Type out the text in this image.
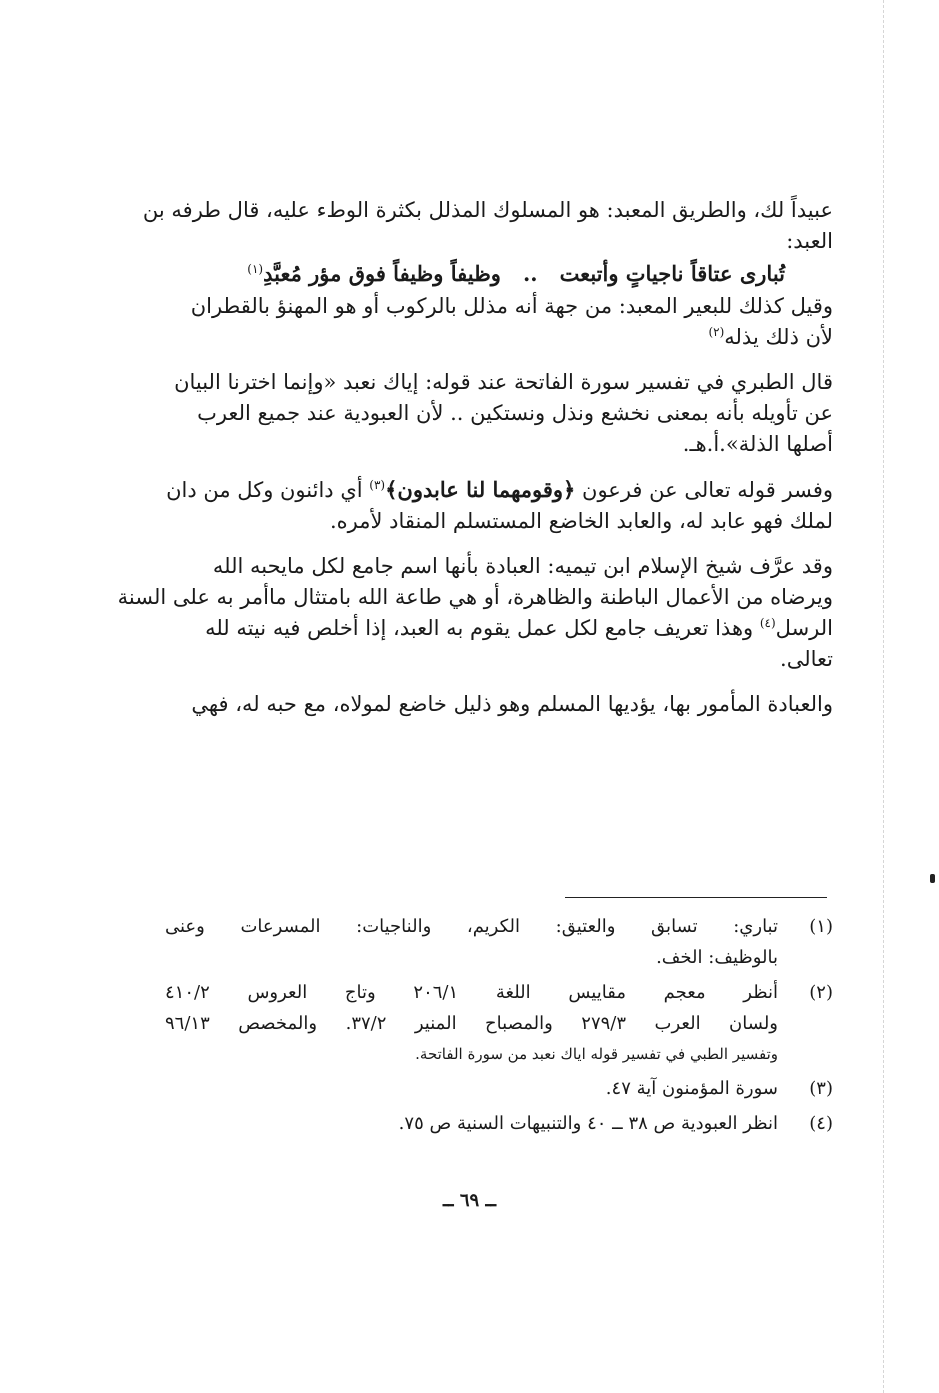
عبيداً لك، والطريق المعبد: هو المسلوك المذلل بكثرة الوطء عليه، قال طرفه بن

العبد:

تُبارى عتاقاً ناجياتٍ وأتبعت..وظيفاً وظيفاً فوق مؤر مُعبَّدِ$^{(١)}$

وقيل كذلك للبعير المعبد: من جهة أنه مذلل بالركوب أو هو المهنؤ بالقطران

لأن ذلك يذله$^{(٢)}$

قال الطبري في تفسير سورة الفاتحة عند قوله: إياك نعبد «وإنما اخترنا البيان

عن تأويله بأنه بمعنى نخشع ونذل ونستكين .. لأن العبودية عند جميع العرب

أصلها الذلة».أ.هـ.

وفسر قوله تعالى عن فرعون ﴿وقومهما لنا عابدون﴾$^{(٣)}$ أي دائنون وكل من دان

لملك فهو عابد له، والعابد الخاضع المستسلم المنقاد لأمره.

وقد عرَّف شيخ الإسلام ابن تيميه: العبادة بأنها اسم جامع لكل مايحبه الله

ويرضاه من الأعمال الباطنة والظاهرة، أو هي طاعة الله بامتثال ماأمر به على السنة

الرسل$^{(٤)}$ وهذا تعريف جامع لكل عمل يقوم به العبد، إذا أخلص فيه نيته لله

تعالى.

والعبادة المأمور بها، يؤديها المسلم وهو ذليل خاضع لمولاه، مع حبه له، فهي

(١)
تباري: تسابق والعتيق: الكريم، والناجيات: المسرعات وعنى
بالوظيف: الخف.
(٢)
أنظر معجم مقاييس اللغة ٢٠٦/١ وتاج العروس ٤١٠/٢
ولسان العرب ٢٧٩/٣ والمصباح المنير ٣٧/٢. والمخصص ٩٦/١٣
وتفسير الطبي في تفسير قوله اياك نعبد من سورة الفاتحة.
(٣)
سورة المؤمنون آية ٤٧.
(٤)
انظر العبودية ص ٣٨ ــ ٤٠ والتنبيهات السنية ص ٧٥.
ــ ٦٩ ــ
